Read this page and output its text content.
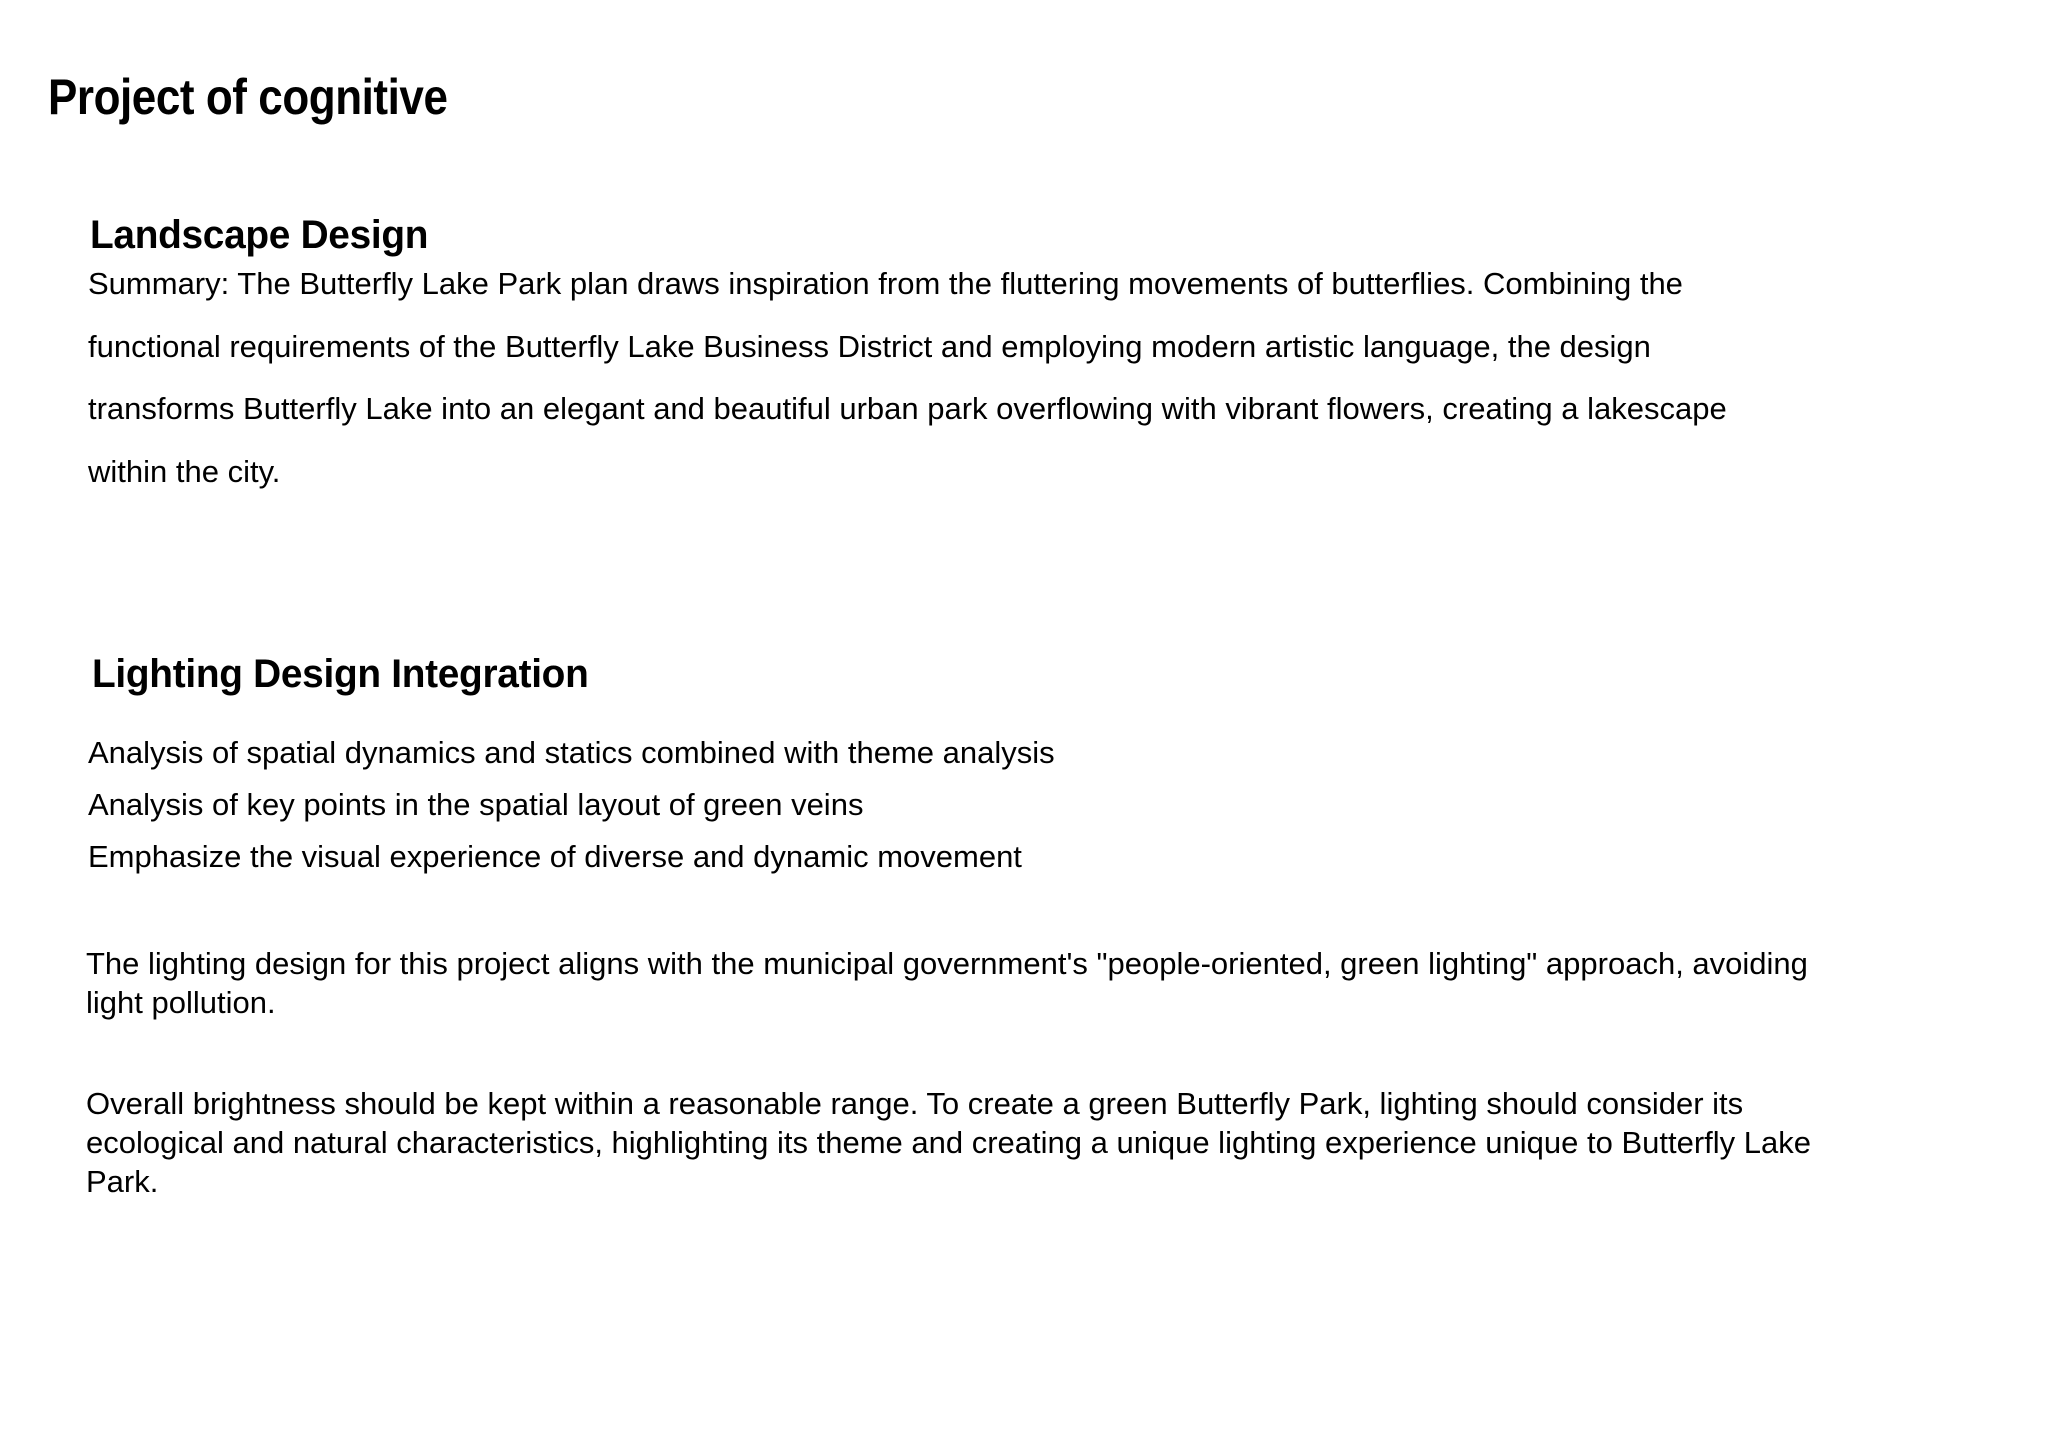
Project of cognitive
Landscape Design
Summary: The Butterfly Lake Park plan draws inspiration from the fluttering movements of butterflies. Combining the
functional requirements of the Butterfly Lake Business District and employing modern artistic language, the design
transforms Butterfly Lake into an elegant and beautiful urban park overflowing with vibrant flowers, creating a lakescape
within the city.
Lighting Design Integration
Analysis of spatial dynamics and statics combined with theme analysis
Analysis of key points in the spatial layout of green veins
Emphasize the visual experience of diverse and dynamic movement
The lighting design for this project aligns with the municipal government's "people-oriented, green lighting" approach, avoiding
light pollution.
Overall brightness should be kept within a reasonable range. To create a green Butterfly Park, lighting should consider its
ecological and natural characteristics, highlighting its theme and creating a unique lighting experience unique to Butterfly Lake
Park.
